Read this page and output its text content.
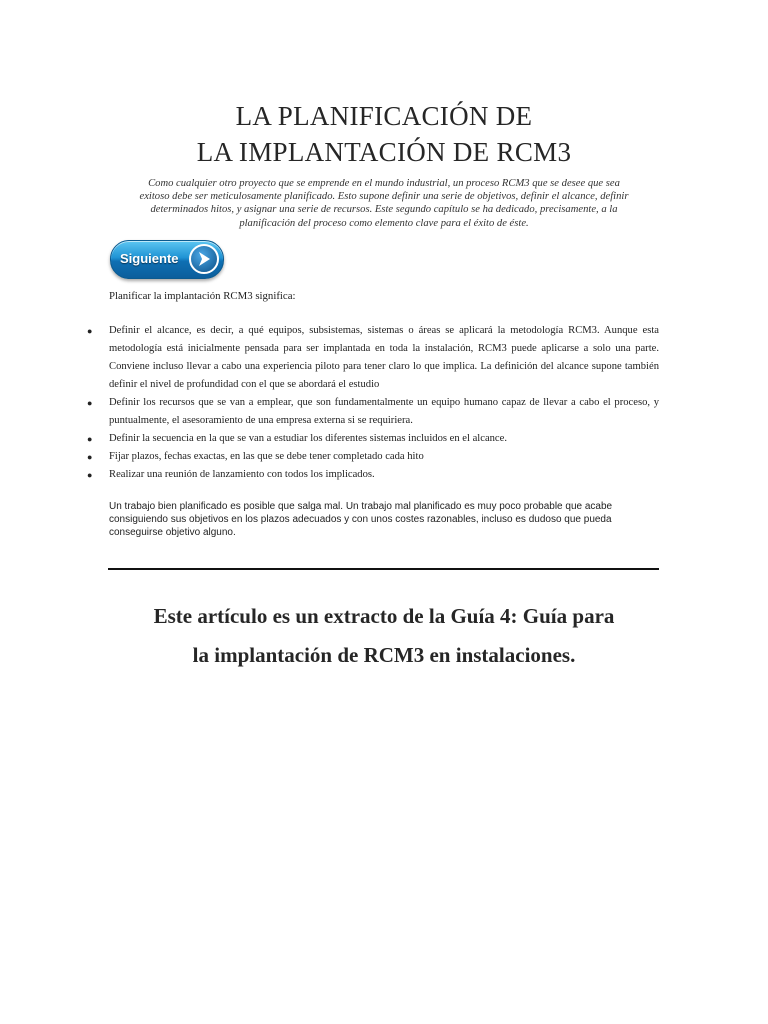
LA PLANIFICACIÓN DE
LA IMPLANTACIÓN DE RCM3
Como cualquier otro proyecto que se emprende en el mundo industrial, un proceso RCM3 que se desee que sea
exitoso debe ser meticulosamente planificado. Esto supone definir una serie de objetivos, definir el alcance, definir
determinados hitos, y asignar una serie de recursos. Este segundo capítulo se ha dedicado, precisamente, a la
planificación del proceso como elemento clave para el éxito de éste.
Siguiente
Planificar la implantación RCM3 significa:
● Definir el alcance, es decir, a qué equipos, subsistemas, sistemas o áreas se aplicará la metodología RCM3. Aunque esta metodología está inicialmente pensada para ser implantada en toda la instalación, RCM3 puede aplicarse a solo una parte. Conviene incluso llevar a cabo una experiencia piloto para tener claro lo que implica. La definición del alcance supone también definir el nivel de profundidad con el que se abordará el estudio
● Definir los recursos que se van a emplear, que son fundamentalmente un equipo humano capaz de llevar a cabo el proceso, y puntualmente, el asesoramiento de una empresa externa si se requiriera.
● Definir la secuencia en la que se van a estudiar los diferentes sistemas incluidos en el alcance.
● Fijar plazos, fechas exactas, en las que se debe tener completado cada hito
● Realizar una reunión de lanzamiento con todos los implicados.
Un trabajo bien planificado es posible que salga mal. Un trabajo mal planificado es muy poco probable que acabe consiguiendo sus objetivos en los plazos adecuados y con unos costes razonables, incluso es dudoso que pueda conseguirse objetivo alguno.
Este artículo es un extracto de la Guía 4: Guía para
la implantación de RCM3 en instalaciones.
